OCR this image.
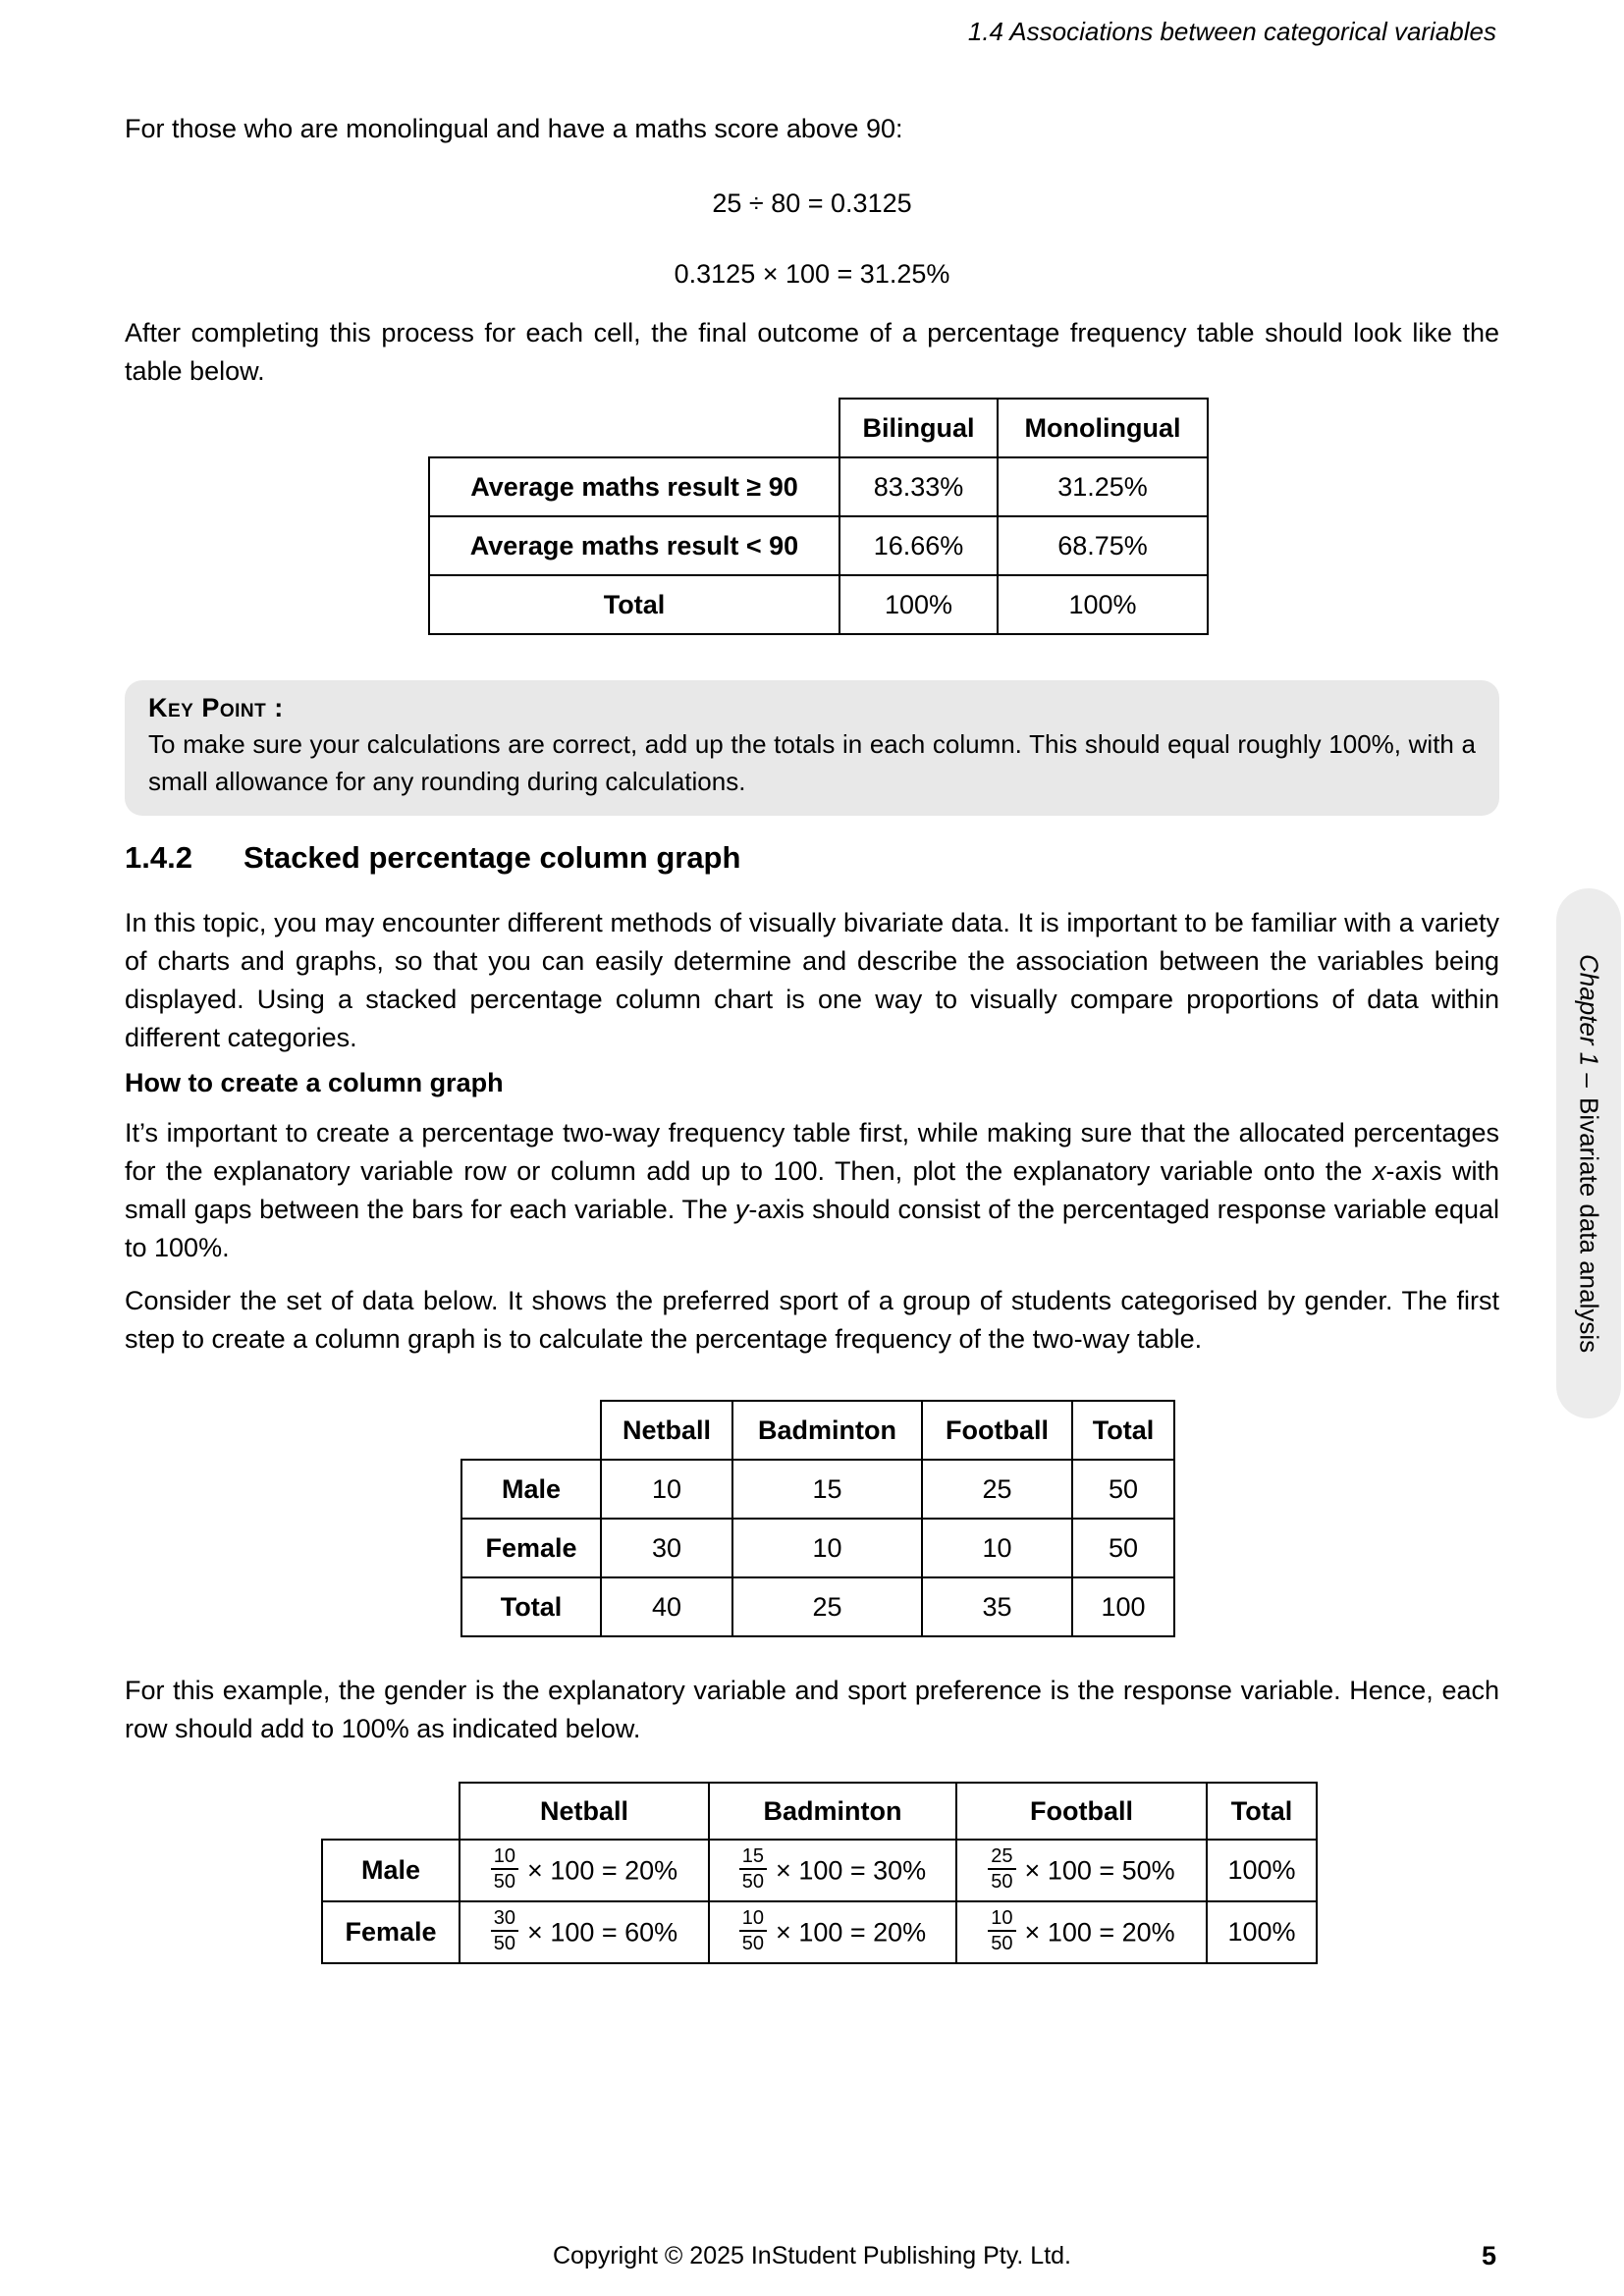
1.4 Associations between categorical variables
For those who are monolingual and have a maths score above 90:
25 ÷ 80 = 0.3125
0.3125 × 100 = 31.25%
After completing this process for each cell, the final outcome of a percentage frequency table should look like the table below.
	Bilingual	Monolingual
Average maths result ≥ 90	83.33%	31.25%
Average maths result < 90	16.66%	68.75%
Total	100%	100%
Key Point :
To make sure your calculations are correct, add up the totals in each column. This should equal roughly 100%, with a small allowance for any rounding during calculations.
1.4.2 Stacked percentage column graph

In this topic, you may encounter different methods of visually bivariate data. It is important to be familiar with a variety of charts and graphs, so that you can easily determine and describe the association between the variables being displayed. Using a stacked percentage column chart is one way to visually compare proportions of data within different categories.

How to create a column graph

It’s important to create a percentage two-way frequency table first, while making sure that the allocated percentages for the explanatory variable row or column add up to 100. Then, plot the explanatory variable onto the x-axis with small gaps between the bars for each variable. The y-axis should consist of the percentaged response variable equal to 100%.

Consider the set of data below. It shows the preferred sport of a group of students categorised by gender. The first step to create a column graph is to calculate the percentage frequency of the two-way table.

	Netball	Badminton	Football	Total
Male	10	15	25	50
Female	30	10	10	50
Total	40	25	35	100
For this example, the gender is the explanatory variable and sport preference is the response variable. Hence, each row should add to 100% as indicated below.
	Netball	Badminton	Football	Total
Male	$\frac{10}{50} \times 100 = 20\%$	$\frac{15}{50} \times 100 = 30\%$	$\frac{25}{50} \times 100 = 50\%$	100%
Female	$\frac{30}{50} \times 100 = 60\%$	$\frac{10}{50} \times 100 = 20\%$	$\frac{10}{50} \times 100 = 20\%$	100%
Chapter 1 –Bivariate data analysis
Copyright © 2025 InStudent Publishing Pty. Ltd.	5
